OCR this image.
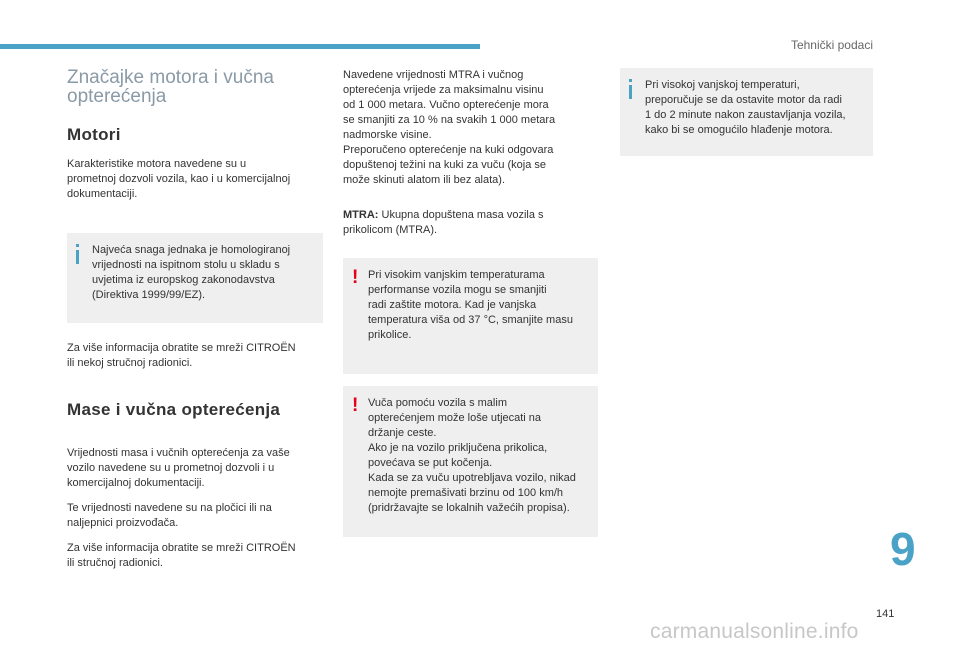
Tehnički podaci
Značajke motora i vučna
opterećenja
Motori

Karakteristike motora navedene su u
prometnoj dozvoli vozila, kao i u komercijalnoj
dokumentaciji.

Najveća snaga jednaka je homologiranoj
vrijednosti na ispitnom stolu u skladu s
uvjetima iz europskog zakonodavstva
(Direktiva 1999/99/EZ).

Za više informacija obratite se mreži CITROËN
ili nekoj stručnoj radionici.

Mase i vučna opterećenja

Vrijednosti masa i vučnih opterećenja za vaše
vozilo navedene su u prometnoj dozvoli i u
komercijalnoj dokumentaciji.

Te vrijednosti navedene su na pločici ili na
naljepnici proizvođača.

Za više informacija obratite se mreži CITROËN
ili stručnoj radionici.

Navedene vrijednosti MTRA i vučnog
opterećenja vrijede za maksimalnu visinu
od 1 000 metara. Vučno opterećenje mora
se smanjiti za 10 % na svakih 1 000 metara
nadmorske visine.
Preporučeno opterećenje na kuki odgovara
dopuštenoj težini na kuki za vuču (koja se
može skinuti alatom ili bez alata).

MTRA: Ukupna dopuštena masa vozila s
prikolicom (MTRA).

! Pri visokim vanjskim temperaturama
performanse vozila mogu se smanjiti
radi zaštite motora. Kad je vanjska
temperatura viša od 37 °C, smanjite masu
prikolice.

! Vuča pomoću vozila s malim
opterećenjem može loše utjecati na
držanje ceste.
Ako je na vozilo priključena prikolica,
povećava se put kočenja.
Kada se za vuču upotrebljava vozilo, nikad
nemojte premašivati brzinu od 100 km/h
(pridržavajte se lokalnih važećih propisa).

Pri visokoj vanjskoj temperaturi,
preporučuje se da ostavite motor da radi
1 do 2 minute nakon zaustavljanja vozila,
kako bi se omogućilo hlađenje motora.

9
141
carmanualsonline.info
